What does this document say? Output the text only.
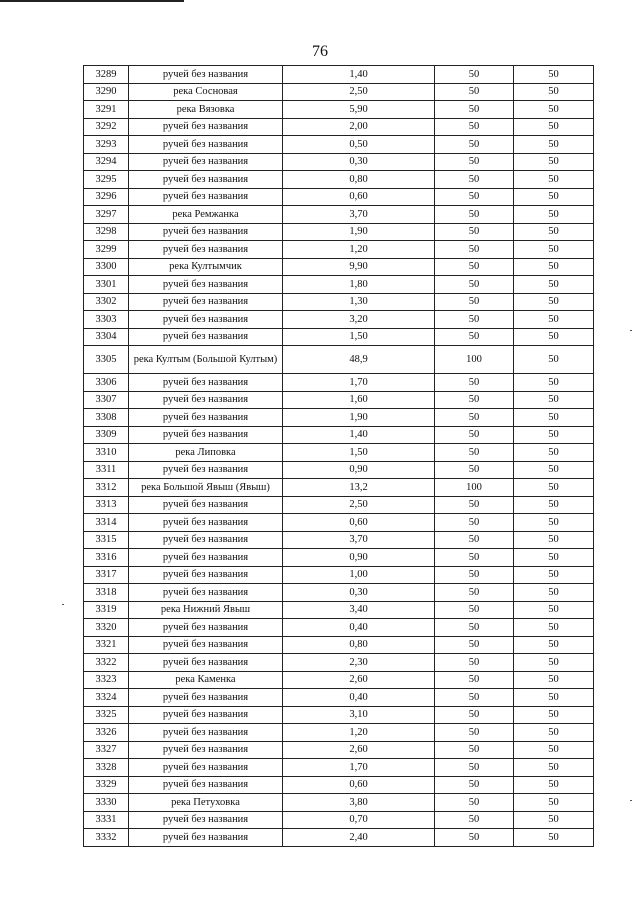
76
3289	ручей без названия	1,40	50	50
3290	река Сосновая	2,50	50	50
3291	река Вязовка	5,90	50	50
3292	ручей без названия	2,00	50	50
3293	ручей без названия	0,50	50	50
3294	ручей без названия	0,30	50	50
3295	ручей без названия	0,80	50	50
3296	ручей без названия	0,60	50	50
3297	река Ремжанка	3,70	50	50
3298	ручей без названия	1,90	50	50
3299	ручей без названия	1,20	50	50
3300	река Култымчик	9,90	50	50
3301	ручей без названия	1,80	50	50
3302	ручей без названия	1,30	50	50
3303	ручей без названия	3,20	50	50
3304	ручей без названия	1,50	50	50
3305	река Култым (Большой Култым)	48,9	100	50
3306	ручей без названия	1,70	50	50
3307	ручей без названия	1,60	50	50
3308	ручей без названия	1,90	50	50
3309	ручей без названия	1,40	50	50
3310	река Липовка	1,50	50	50
3311	ручей без названия	0,90	50	50
3312	река Большой Явыш (Явыш)	13,2	100	50
3313	ручей без названия	2,50	50	50
3314	ручей без названия	0,60	50	50
3315	ручей без названия	3,70	50	50
3316	ручей без названия	0,90	50	50
3317	ручей без названия	1,00	50	50
3318	ручей без названия	0,30	50	50
3319	река Нижний Явыш	3,40	50	50
3320	ручей без названия	0,40	50	50
3321	ручей без названия	0,80	50	50
3322	ручей без названия	2,30	50	50
3323	река Каменка	2,60	50	50
3324	ручей без названия	0,40	50	50
3325	ручей без названия	3,10	50	50
3326	ручей без названия	1,20	50	50
3327	ручей без названия	2,60	50	50
3328	ручей без названия	1,70	50	50
3329	ручей без названия	0,60	50	50
3330	река Петуховка	3,80	50	50
3331	ручей без названия	0,70	50	50
3332	ручей без названия	2,40	50	50
